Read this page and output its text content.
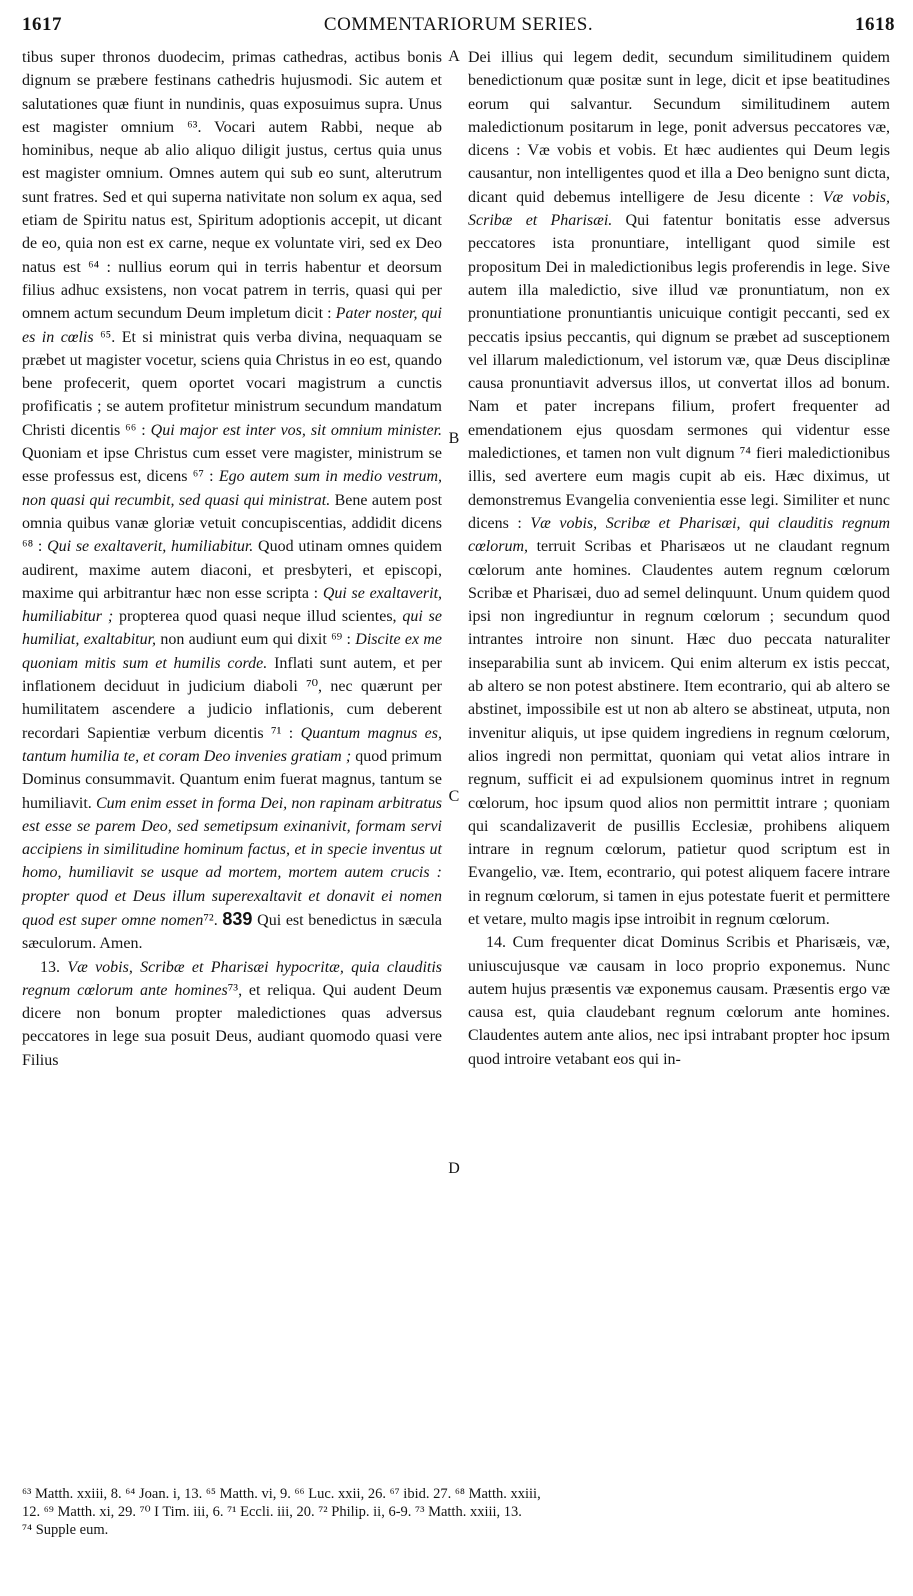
1617	COMMENTARIORUM SERIES.	1618

tibus super thronos duodecim, primas cathedras, actibus bonis dignum se præbere festinans cathedris hujusmodi. Sic autem et salutationes quæ fiunt in nundinis, quas exposuimus supra. Unus est magister omnium ⁶³. Vocari autem Rabbi, neque ab hominibus, neque ab alio aliquo diligit justus, certus quia unus est magister omnium. Omnes autem qui sub eo sunt, alterutrum sunt fratres. Sed et qui superna nativitate non solum ex aqua, sed etiam de Spiritu natus est, Spiritum adoptionis accepit, ut dicant de eo, quia non est ex carne, neque ex voluntate viri, sed ex Deo natus est ⁶⁴ : nullius eorum qui in terris habentur et deorsum filius adhuc exsistens, non vocat patrem in terris, quasi qui per omnem actum secundum Deum impletum dicit : Pater noster, qui es in cœlis ⁶⁵. Et si ministrat quis verba divina, nequaquam se præbet ut magister vocetur, sciens quia Christus in eo est, quando bene profecerit, quem oportet vocari magistrum a cunctis profificatis ; se autem profitetur ministrum secundum mandatum Christi dicentis ⁶⁶ : Qui major est inter vos, sit omnium minister. Quoniam et ipse Christus cum esset vere magister, ministrum se esse professus est, dicens ⁶⁷ : Ego autem sum in medio vestrum, non quasi qui recumbit, sed quasi qui ministrat. Bene autem post omnia quibus vanæ gloriæ vetuit concupiscentias, addidit dicens ⁶⁸ : Qui se exaltaverit, humiliabitur. Quod utinam omnes quidem audirent, maxime autem diaconi, et presbyteri, et episcopi, maxime qui arbitrantur hæc non esse scripta : Qui se exaltaverit, humiliabitur ; propterea quod quasi neque illud scientes, qui se humiliat, exaltabitur, non audiunt eum qui dixit ⁶⁹ : Discite ex me quoniam mitis sum et humilis corde. Inflati sunt autem, et per inflationem deciduut in judicium diaboli ⁷⁰, nec quærunt per humilitatem ascendere a judicio inflationis, cum deberent recordari Sapientiæ verbum dicentis ⁷¹ : Quantum magnus es, tantum humilia te, et coram Deo invenies gratiam ; quod primum Dominus consummavit. Quantum enim fuerat magnus, tantum se humiliavit. Cum enim esset in forma Dei, non rapinam arbitratus est esse se parem Deo, sed semetipsum exinanivit, formam servi accipiens in similitudine hominum factus, et in specie inventus ut homo, humiliavit se usque ad mortem, mortem autem crucis : propter quod et Deus illum superexaltavit et donavit ei nomen quod est super omne nomen⁷². 839 Qui est benedictus in sæcula sæculorum. Amen.

13. Væ vobis, Scribæ et Pharisæi hypocritæ, quia clauditis regnum cœlorum ante homines⁷³, et reliqua. Qui audent Deum dicere non bonum propter maledictiones quas adversus peccatores in lege sua posuit Deus, audiant quomodo quasi vere Filius

A
B
C
D

Dei illius qui legem dedit, secundum similitudinem quidem benedictionum quæ positæ sunt in lege, dicit et ipse beatitudines eorum qui salvantur. Secundum similitudinem autem maledictionum positarum in lege, ponit adversus peccatores væ, dicens : Væ vobis et vobis. Et hæc audientes qui Deum legis causantur, non intelligentes quod et illa a Deo benigno sunt dicta, dicant quid debemus intelligere de Jesu dicente : Væ vobis, Scribæ et Pharisæi. Qui fatentur bonitatis esse adversus peccatores ista pronuntiare, intelligant quod simile est propositum Dei in maledictionibus legis proferendis in lege. Sive autem illa maledictio, sive illud væ pronuntiatum, non ex pronuntiatione pronuntiantis unicuique contigit peccanti, sed ex peccatis ipsius peccantis, qui dignum se præbet ad susceptionem vel illarum maledictionum, vel istorum væ, quæ Deus disciplinæ causa pronuntiavit adversus illos, ut convertat illos ad bonum. Nam et pater increpans filium, profert frequenter ad emendationem ejus quosdam sermones qui videntur esse maledictiones, et tamen non vult dignum ⁷⁴ fieri maledictionibus illis, sed avertere eum magis cupit ab eis. Hæc diximus, ut demonstremus Evangelia convenientia esse legi. Similiter et nunc dicens : Væ vobis, Scribæ et Pharisæi, qui clauditis regnum cœlorum, terruit Scribas et Pharisæos ut ne claudant regnum cœlorum ante homines. Claudentes autem regnum cœlorum Scribæ et Pharisæi, duo ad semel delinquunt. Unum quidem quod ipsi non ingrediuntur in regnum cœlorum ; secundum quod intrantes introire non sinunt. Hæc duo peccata naturaliter inseparabilia sunt ab invicem. Qui enim alterum ex istis peccat, ab altero se non potest abstinere. Item econtrario, qui ab altero se abstinet, impossibile est ut non ab altero se abstineat, utputa, non invenitur aliquis, ut ipse quidem ingrediens in regnum cœlorum, alios ingredi non permittat, quoniam qui vetat alios intrare in regnum, sufficit ei ad expulsionem quominus intret in regnum cœlorum, hoc ipsum quod alios non permittit intrare ; quoniam qui scandalizaverit de pusillis Ecclesiæ, prohibens aliquem intrare in regnum cœlorum, patietur quod scriptum est in Evangelio, væ. Item, econtrario, qui potest aliquem facere intrare in regnum cœlorum, si tamen in ejus potestate fuerit et permittere et vetare, multo magis ipse introibit in regnum cœlorum.

14. Cum frequenter dicat Dominus Scribis et Pharisæis, væ, uniuscujusque væ causam in loco proprio exponemus. Nunc autem hujus præsentis væ exponemus causam. Præsentis ergo væ causa est, quia claudebant regnum cœlorum ante homines. Claudentes autem ante alios, nec ipsi intrabant propter hoc ipsum quod introire vetabant eos qui in-

⁶³ Matth. xxiii, 8. ⁶⁴ Joan. i, 13. ⁶⁵ Matth. vi, 9. ⁶⁶ Luc. xxii, 26. ⁶⁷ ibid. 27. ⁶⁸ Matth. xxiii,
12. ⁶⁹ Matth. xi, 29. ⁷⁰ I Tim. iii, 6. ⁷¹ Eccli. iii, 20. ⁷² Philip. ii, 6-9. ⁷³ Matth. xxiii, 13.
⁷⁴ Supple eum.
